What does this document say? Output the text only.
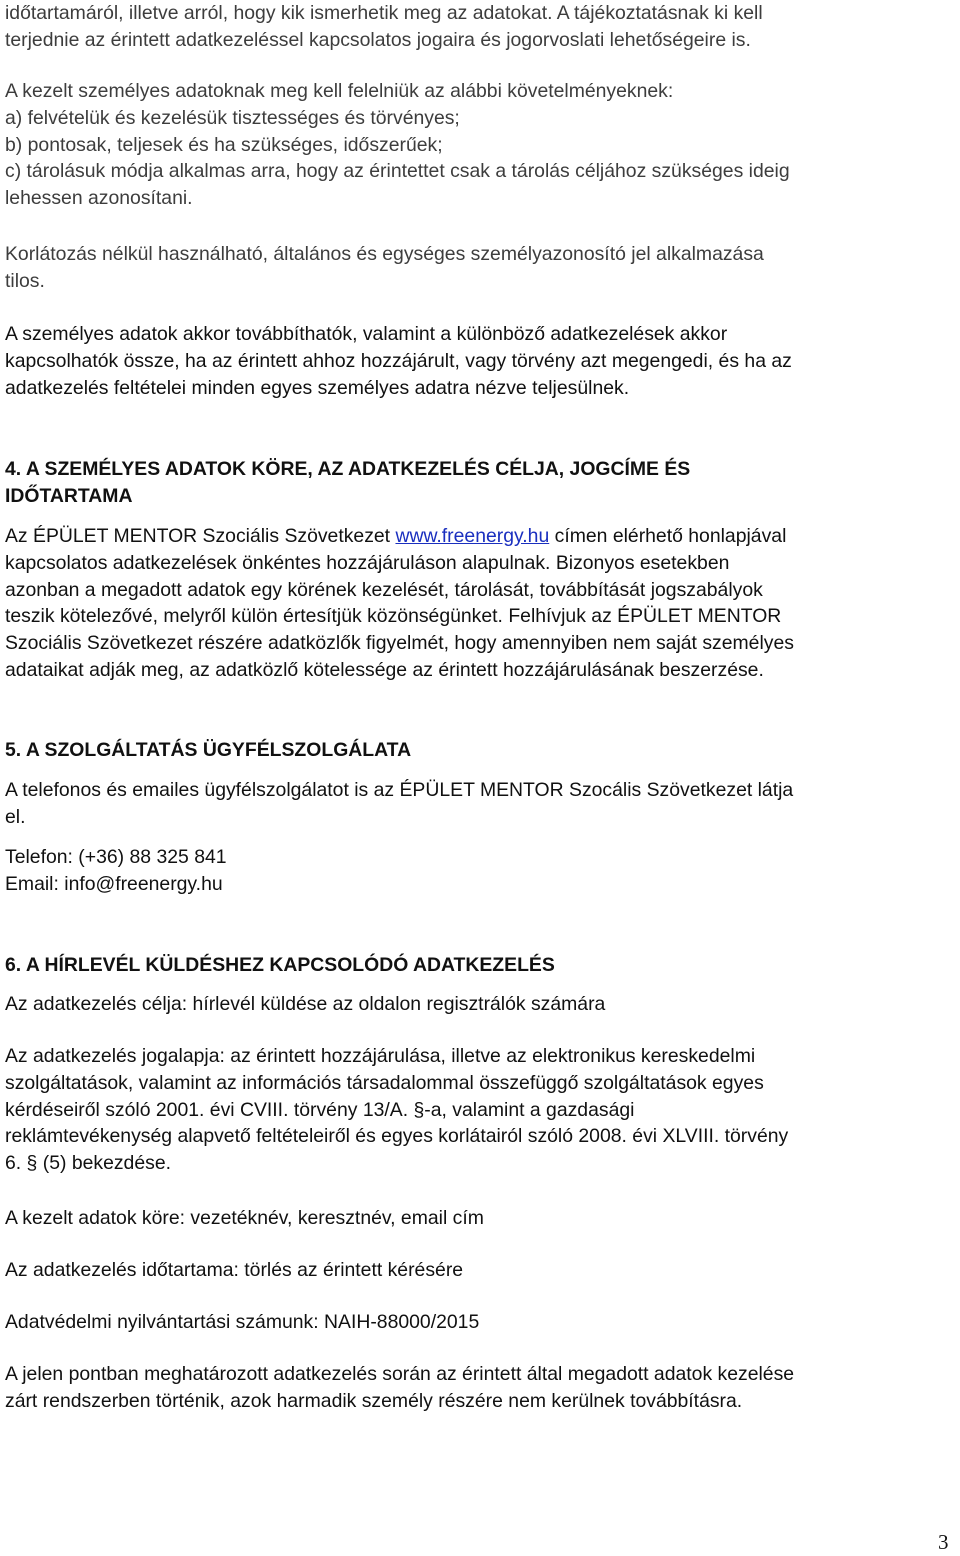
időtartamáról, illetve arról, hogy kik ismerhetik meg az adatokat. A tájékoztatásnak ki kell
terjednie az érintett adatkezeléssel kapcsolatos jogaira és jogorvoslati lehetőségeire is.
A kezelt személyes adatoknak meg kell felelniük az alábbi követelményeknek:
a) felvételük és kezelésük tisztességes és törvényes;
b) pontosak, teljesek és ha szükséges, időszerűek;
c) tárolásuk módja alkalmas arra, hogy az érintettet csak a tárolás céljához szükséges ideig
lehessen azonosítani.
Korlátozás nélkül használható, általános és egységes személyazonosító jel alkalmazása
tilos.
A személyes adatok akkor továbbíthatók, valamint a különböző adatkezelések akkor
kapcsolhatók össze, ha az érintett ahhoz hozzájárult, vagy törvény azt megengedi, és ha az
adatkezelés feltételei minden egyes személyes adatra nézve teljesülnek.
4. A SZEMÉLYES ADATOK KÖRE, AZ ADATKEZELÉS CÉLJA, JOGCÍME ÉS
IDŐTARTAMA
Az ÉPÜLET MENTOR Szociális Szövetkezet www.freenergy.hu címen elérhető honlapjával
kapcsolatos adatkezelések önkéntes hozzájáruláson alapulnak. Bizonyos esetekben
azonban a megadott adatok egy körének kezelését, tárolását, továbbítását jogszabályok
teszik kötelezővé, melyről külön értesítjük közönségünket. Felhívjuk az ÉPÜLET MENTOR
Szociális Szövetkezet részére adatközlők figyelmét, hogy amennyiben nem saját személyes
adataikat adják meg, az adatközlő kötelessége az érintett hozzájárulásának beszerzése.
5. A SZOLGÁLTATÁS ÜGYFÉLSZOLGÁLATA
A telefonos és emailes ügyfélszolgálatot is az ÉPÜLET MENTOR Szocális Szövetkezet látja
el.
Telefon: (+36) 88 325 841
Email: info@freenergy.hu
6. A HÍRLEVÉL KÜLDÉSHEZ KAPCSOLÓDÓ ADATKEZELÉS
Az adatkezelés célja: hírlevél küldése az oldalon regisztrálók számára
Az adatkezelés jogalapja: az érintett hozzájárulása, illetve az elektronikus kereskedelmi
szolgáltatások, valamint az információs társadalommal összefüggő szolgáltatások egyes
kérdéseiről szóló 2001. évi CVIII. törvény 13/A. §-a, valamint a gazdasági
reklámtevékenység alapvető feltételeiről és egyes korlátairól szóló 2008. évi XLVIII. törvény
6. § (5) bekezdése.
A kezelt adatok köre: vezetéknév, keresztnév, email cím
Az adatkezelés időtartama: törlés az érintett kérésére
Adatvédelmi nyilvántartási számunk: NAIH-88000/2015
A jelen pontban meghatározott adatkezelés során az érintett által megadott adatok kezelése
zárt rendszerben történik, azok harmadik személy részére nem kerülnek továbbításra.
3
